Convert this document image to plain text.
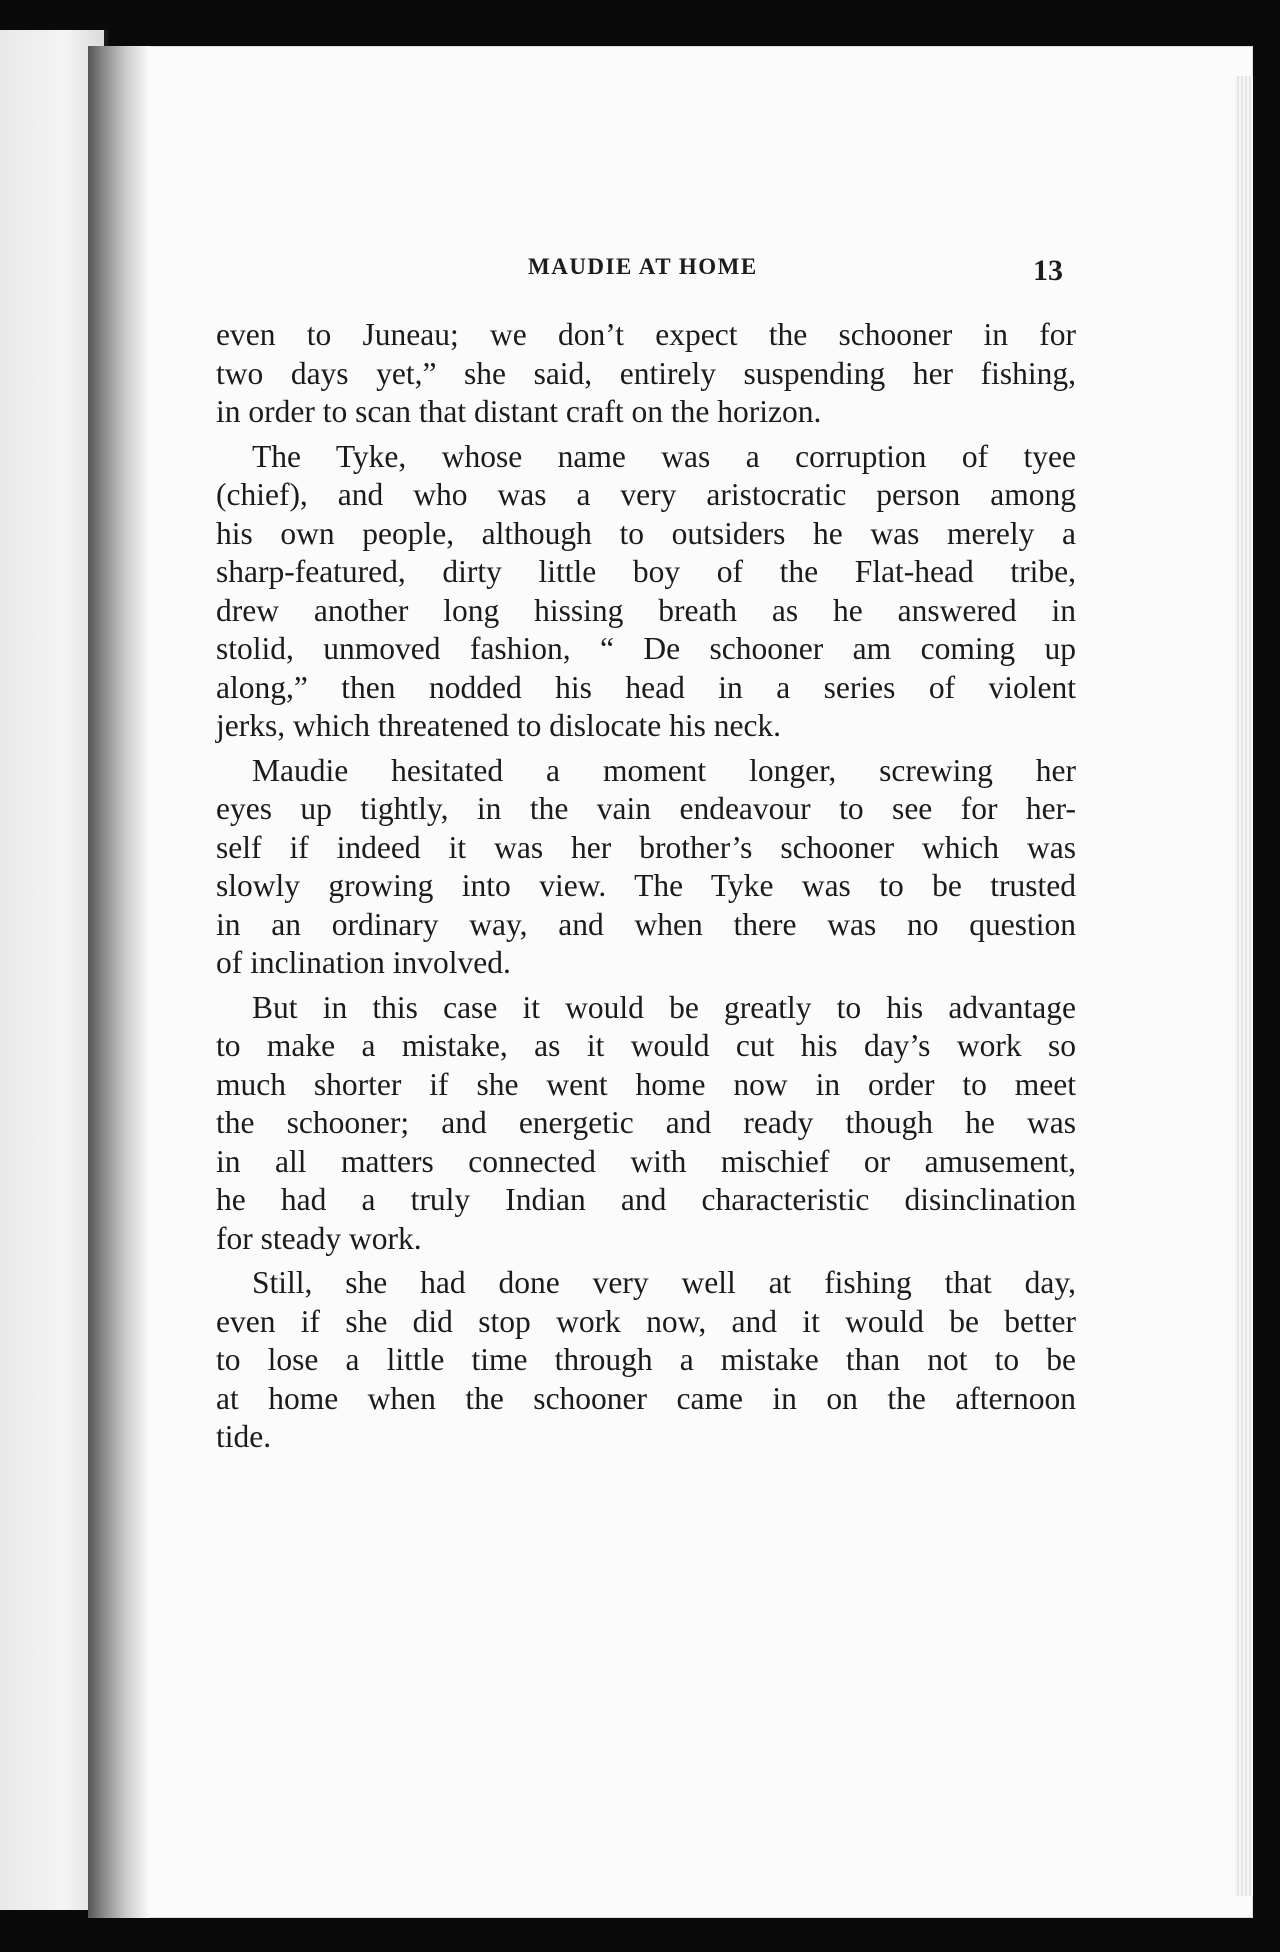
MAUDIE AT HOME	13
even to Juneau; we don’t expect the schooner in for
two days yet,” she said, entirely suspending her fishing,
in order to scan that distant craft on the horizon.
The Tyke, whose name was a corruption of tyee
(chief), and who was a very aristocratic person among
his own people, although to outsiders he was merely a
sharp-featured, dirty little boy of the Flat-head tribe,
drew another long hissing breath as he answered in
stolid, unmoved fashion, “ De schooner am coming up
along,” then nodded his head in a series of violent
jerks, which threatened to dislocate his neck.
Maudie hesitated a moment longer, screwing her
eyes up tightly, in the vain endeavour to see for her-
self if indeed it was her brother’s schooner which was
slowly growing into view. The Tyke was to be trusted
in an ordinary way, and when there was no question
of inclination involved.
But in this case it would be greatly to his advantage
to make a mistake, as it would cut his day’s work so
much shorter if she went home now in order to meet
the schooner; and energetic and ready though he was
in all matters connected with mischief or amusement,
he had a truly Indian and characteristic disinclination
for steady work.
Still, she had done very well at fishing that day,
even if she did stop work now, and it would be better
to lose a little time through a mistake than not to be
at home when the schooner came in on the afternoon
tide.
